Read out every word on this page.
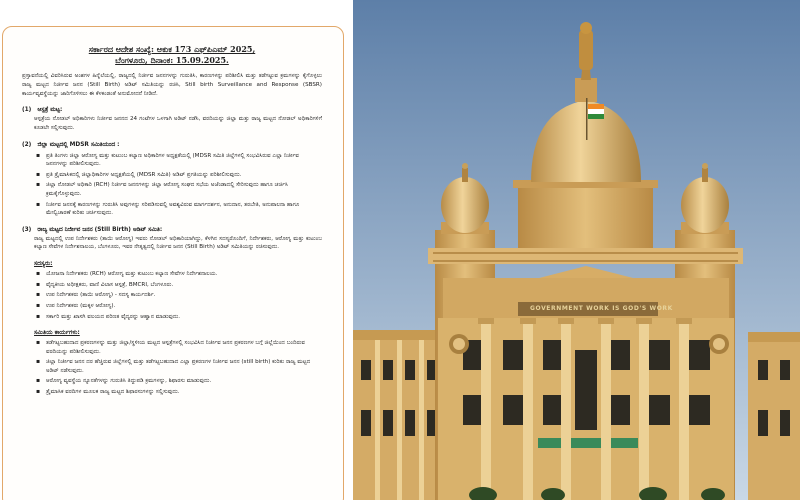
ಸರ್ಕಾರದ ಆದೇಶ ಸಂಖ್ಯೆ: ಆಕುಕ 173 ಎಫ್‌ಪಿಎಮ್ 2025,
ಬೆಂಗಳೂರು, ದಿನಾಂಕ: 15.09.2025.
ಪ್ರಸ್ತಾವನೆಯಲ್ಲಿ ವಿವರಿಸಿರುವ ಅಂಶಗಳ ಹಿನ್ನೆಲೆಯಲ್ಲಿ, ರಾಜ್ಯದಲ್ಲಿ ನಿರ್ಜೀವ ಜನನಗಳನ್ನು ಗುರುತಿಸಿ, ಕಾರಣಗಳನ್ನು ಪರಿಶೀಲಿಸಿ ಮತ್ತು ತಡೆಗಟ್ಟುವ ಕ್ರಮಗಳನ್ನು ಕೈಗೊಳ್ಳಲು ರಾಜ್ಯ ಮಟ್ಟದ ನಿರ್ಜೀವ ಜನನ (Still Birth) ಅಡಿಟ್ ಸಮಿತಿಯನ್ನು ರಚಿಸಿ, Still birth Surveillance and Response (SBSR) ಕಾರ್ಯವ್ಯವಸ್ಥೆಯನ್ನು ಜಾರಿಗೊಳಿಸಲು ಈ ಕೆಳಕಂಡಂತೆ ಅನುಮೋದನೆ ನೀಡಿದೆ.
(1) ಆಸ್ಪತ್ರೆ ಮಟ್ಟ:
ಆಸ್ಪತ್ರೆಯ ನೋಡಲ್ ಅಧಿಕಾರಿಗಳು ನಿರ್ಜೀವ ಜನನದ 24 ಗಂಟೆಗಳ ಒಳಗಾಗಿ ಅಡಿಟ್ ನಡೆಸಿ, ವರದಿಯನ್ನು ಜಿಲ್ಲಾ ಮತ್ತು ರಾಜ್ಯ ಮಟ್ಟದ ನೋಡಲ್ ಅಧಿಕಾರಿಗಳಿಗೆ ಕೂಡಲೇ ಸಲ್ಲಿಸುವುದು.
(2) ಜಿಲ್ಲಾ ಮಟ್ಟದಲ್ಲಿ MDSR ಸಮಿತಿಯಂದ :
▪ ಪ್ರತಿ ತಿಂಗಳು ಜಿಲ್ಲಾ ಆರೋಗ್ಯ ಮತ್ತು ಕುಟುಂಬ ಕಲ್ಯಾಣ ಅಧಿಕಾರಿಗಳ ಅಧ್ಯಕ್ಷತೆಯಲ್ಲಿ (MDSR ಸಮಿತಿ ಜಿಲ್ಲೆಗಳಲ್ಲಿ ಸಂಭವಿಸಿರುವ ಎಲ್ಲಾ ನಿರ್ಜೀವ ಜನನಗಳನ್ನು ಪರಿಶೀಲಿಸುವುದು.
▪ ಪ್ರತಿ ತ್ರೈಮಾಸಿಕದಲ್ಲಿ ಜಿಲ್ಲಾಧಿಕಾರಿಗಳ ಅಧ್ಯಕ್ಷತೆಯಲ್ಲಿ (MDSR ಸಮಿತಿ) ಅಡಿಟ್ ಪ್ರಗತಿಯನ್ನು ಪರಿಶೀಲಿಸುವುದು.
▪ ಜಿಲ್ಲಾ ನೋಡಲ್ ಅಧಿಕಾರಿ (RCH) ನಿರ್ಜೀವ ಜನನಗಳನ್ನು ಜಿಲ್ಲಾ ಆರೋಗ್ಯ ಸಂಘದ ಸಭೆಯ ಅಜೆಂಡಾದಲ್ಲಿ ಸೇರಿಸುವುದು ಹಾಗೂ ಚರ್ಚಿಸಿ ಕ್ರಮಕೈಗೊಳ್ಳುವುದು.
▪ ನಿರ್ಜೀವ ಜನನಕ್ಕೆ ಕಾರಣಗಳನ್ನು ಗುರುತಿಸಿ ಅವುಗಳನ್ನು ಸರಿಪಡಿಸುವಲ್ಲಿ ಅವಶ್ಯವಿರುವ ಮಾರ್ಗದರ್ಶನ, ಅನುದಾನ, ತರಬೇತಿ, ಅನುಪಾಲನಾ ಹಾಗೂ ಮೇಲ್ವಿಚಾರಣೆ ಕುರಿತು ಚರ್ಚಿಸುವುದು.
(3) ರಾಜ್ಯ ಮಟ್ಟದ ನಿರ್ಜೀವ ಜನನ (Still Birth) ಅಡಿಟ್ ಸಮಿತಿ:
ರಾಜ್ಯ ಮಟ್ಟದಲ್ಲಿ ಉಪ ನಿರ್ದೇಶಕರು (ತಾಯಿ ಆರೋಗ್ಯ) ಇವರು ನೋಡಲ್ ಅಧಿಕಾರಿಯಾಗಿದ್ದು, ಕೆಳಗಿನ ಸದಸ್ಯರೊಂದಿಗೆ, ನಿರ್ದೇಶಕರು, ಆರೋಗ್ಯ ಮತ್ತು ಕುಟುಂಬ ಕಲ್ಯಾಣ ಸೇವೆಗಳ ನಿರ್ದೇಶನಾಲಯ, ಬೆಂಗಳೂರು, ಇವರ ನೇತೃತ್ವದಲ್ಲಿ ನಿರ್ಜೀವ ಜನನ (Still Birth) ಅಡಿಟ್ ಸಮಿತಿಯನ್ನು ರಚಿಸುವುದು.
ಸದಸ್ಯರು:
▪ ಯೋಜನಾ ನಿರ್ದೇಶಕರು (RCH) ಆರೋಗ್ಯ ಮತ್ತು ಕುಟುಂಬ ಕಲ್ಯಾಣ ಸೇವೆಗಳ ನಿರ್ದೇಶನಾಲಯ.
▪ ವೈದ್ಯಕೀಯ ಅಧೀಕ್ಷಕರು, ವಾಣಿ ವಿಲಾಸ ಆಸ್ಪತ್ರೆ, BMCRI, ಬೆಂಗಳೂರು.
▪ ಉಪ ನಿರ್ದೇಶಕರು (ತಾಯಿ ಆರೋಗ್ಯ) - ಸದಸ್ಯ ಕಾರ್ಯದರ್ಶಿ.
▪ ಉಪ ನಿರ್ದೇಶಕರು (ಮಕ್ಕಳ ಆರೋಗ್ಯ).
▪ ಸರ್ಕಾರಿ ಮತ್ತು ಖಾಸಗಿ ವಲಯದ ಪರಿಣತ ವೈದ್ಯರನ್ನು ಆಹ್ವಾನ ಮಾಡುವುದು.
ಸಮಿತಿಯ ಕಾರ್ಯಗಳು:
▪ ತಡೆಗಟ್ಟಬಹುದಾದ ಪ್ರಕರಣಗಳನ್ನು ಮತ್ತು ಜಿಲ್ಲಾ/ಸ್ಥಳೀಯ ಮಟ್ಟದ ಆಸ್ಪತ್ರೆಗಳಲ್ಲಿ ಸಂಭವಿಸಿದ ನಿರ್ಜೀವ ಜನನ ಪ್ರಕರಣಗಳ ಬಗ್ಗೆ ಜಿಲ್ಲೆಯಿಂದ ಬಂದಿರುವ ವರದಿಯನ್ನು ಪರಿಶೀಲಿಸುವುದು.
▪ ಜಿಲ್ಲಾ ನಿರ್ಜೀವ ಜನನ ದರ ಹೆಚ್ಚಿರುವ ಜಿಲ್ಲೆಗಳಲ್ಲಿ ಮತ್ತು ತಡೆಗಟ್ಟಬಹುದಾದ ಎಲ್ಲಾ ಪ್ರಕರಣಗಳ ನಿರ್ಜೀವ ಜನನ (still birth) ಕುರಿತು ರಾಜ್ಯ ಮಟ್ಟದ ಅಡಿಟ್ ನಡೆಸುವುದು.
▪ ಆರೋಗ್ಯ ವ್ಯವಸ್ಥೆಯ ನ್ಯೂನತೆಗಳನ್ನು ಗುರುತಿಸಿ ತಿದ್ದುಪಡಿ ಕ್ರಮಗಳನ್ನು, ಶಿಫಾರಸು ಮಾಡುವುದು.
▪ ತ್ರೈಮಾಸಿಕ ವರದಿಗಳ ಮೂಲಕ ರಾಜ್ಯ ಮಟ್ಟದ ಶಿಫಾರಸುಗಳನ್ನು ಸಲ್ಲಿಸುವುದು.
GOVERNMENT WORK IS GOD'S WORK
